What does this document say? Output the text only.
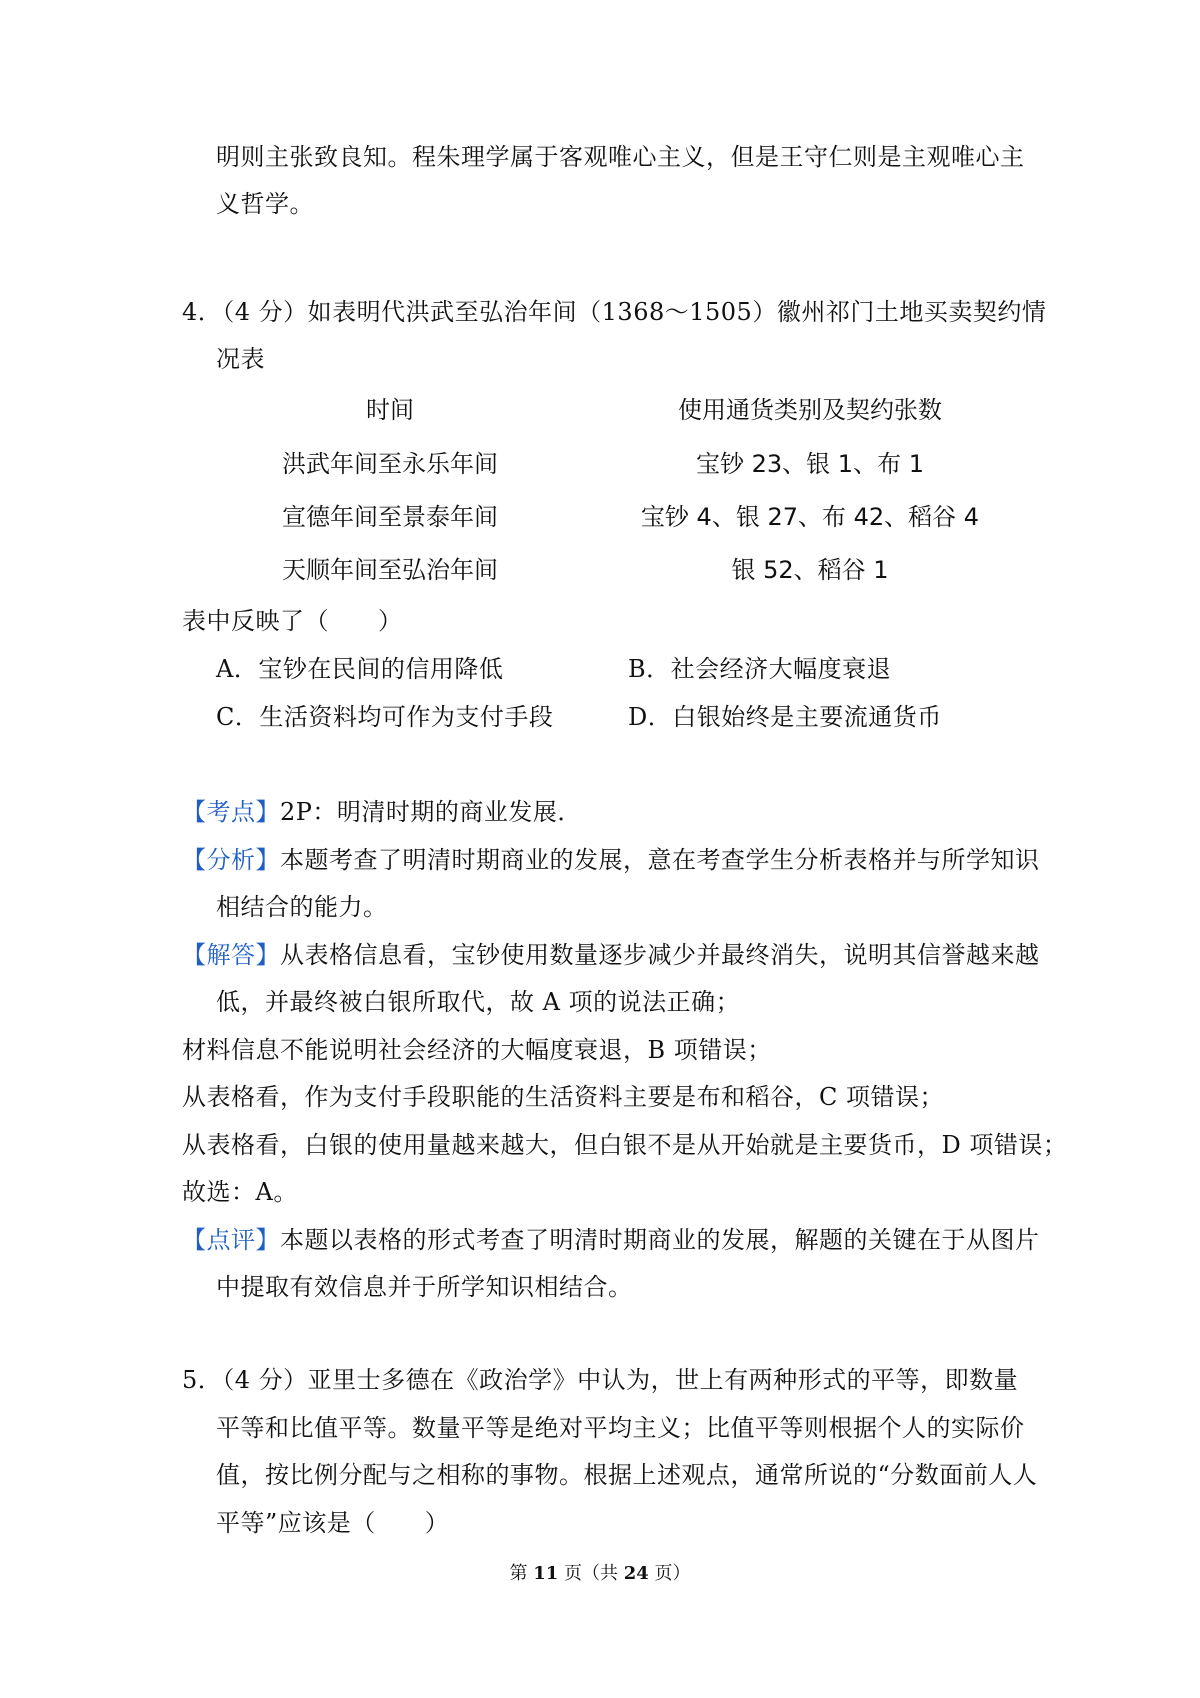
明则主张致良知。程朱理学属于客观唯心主义，但是王守仁则是主观唯心主
义哲学。
4．（4 分）如表明代洪武至弘治年间（1368～1505）徽州祁门土地买卖契约情
况表
时间	使用通货类别及契约张数
洪武年间至永乐年间	宝钞 23、银 1、布 1
宣德年间至景泰年间	宝钞 4、银 27、布 42、稻谷 4
天顺年间至弘治年间	银 52、稻谷 1
表中反映了（　　）
A．宝钞在民间的信用降低	B．社会经济大幅度衰退
C．生活资料均可作为支付手段	D．白银始终是主要流通货币
【考点】2P：明清时期的商业发展．
【分析】本题考查了明清时期商业的发展，意在考查学生分析表格并与所学知识
相结合的能力。
【解答】从表格信息看，宝钞使用数量逐步减少并最终消失，说明其信誉越来越
低，并最终被白银所取代，故 A 项的说法正确；
材料信息不能说明社会经济的大幅度衰退，B 项错误；
从表格看，作为支付手段职能的生活资料主要是布和稻谷，C 项错误；
从表格看，白银的使用量越来越大，但白银不是从开始就是主要货币，D 项错误；
故选：A。
【点评】本题以表格的形式考查了明清时期商业的发展，解题的关键在于从图片
中提取有效信息并于所学知识相结合。
5．（4 分）亚里士多德在《政治学》中认为，世上有两种形式的平等，即数量
平等和比值平等。数量平等是绝对平均主义；比值平等则根据个人的实际价
值，按比例分配与之相称的事物。根据上述观点，通常所说的“分数面前人人
平等”应该是（　　）
第 11 页（共 24 页）
